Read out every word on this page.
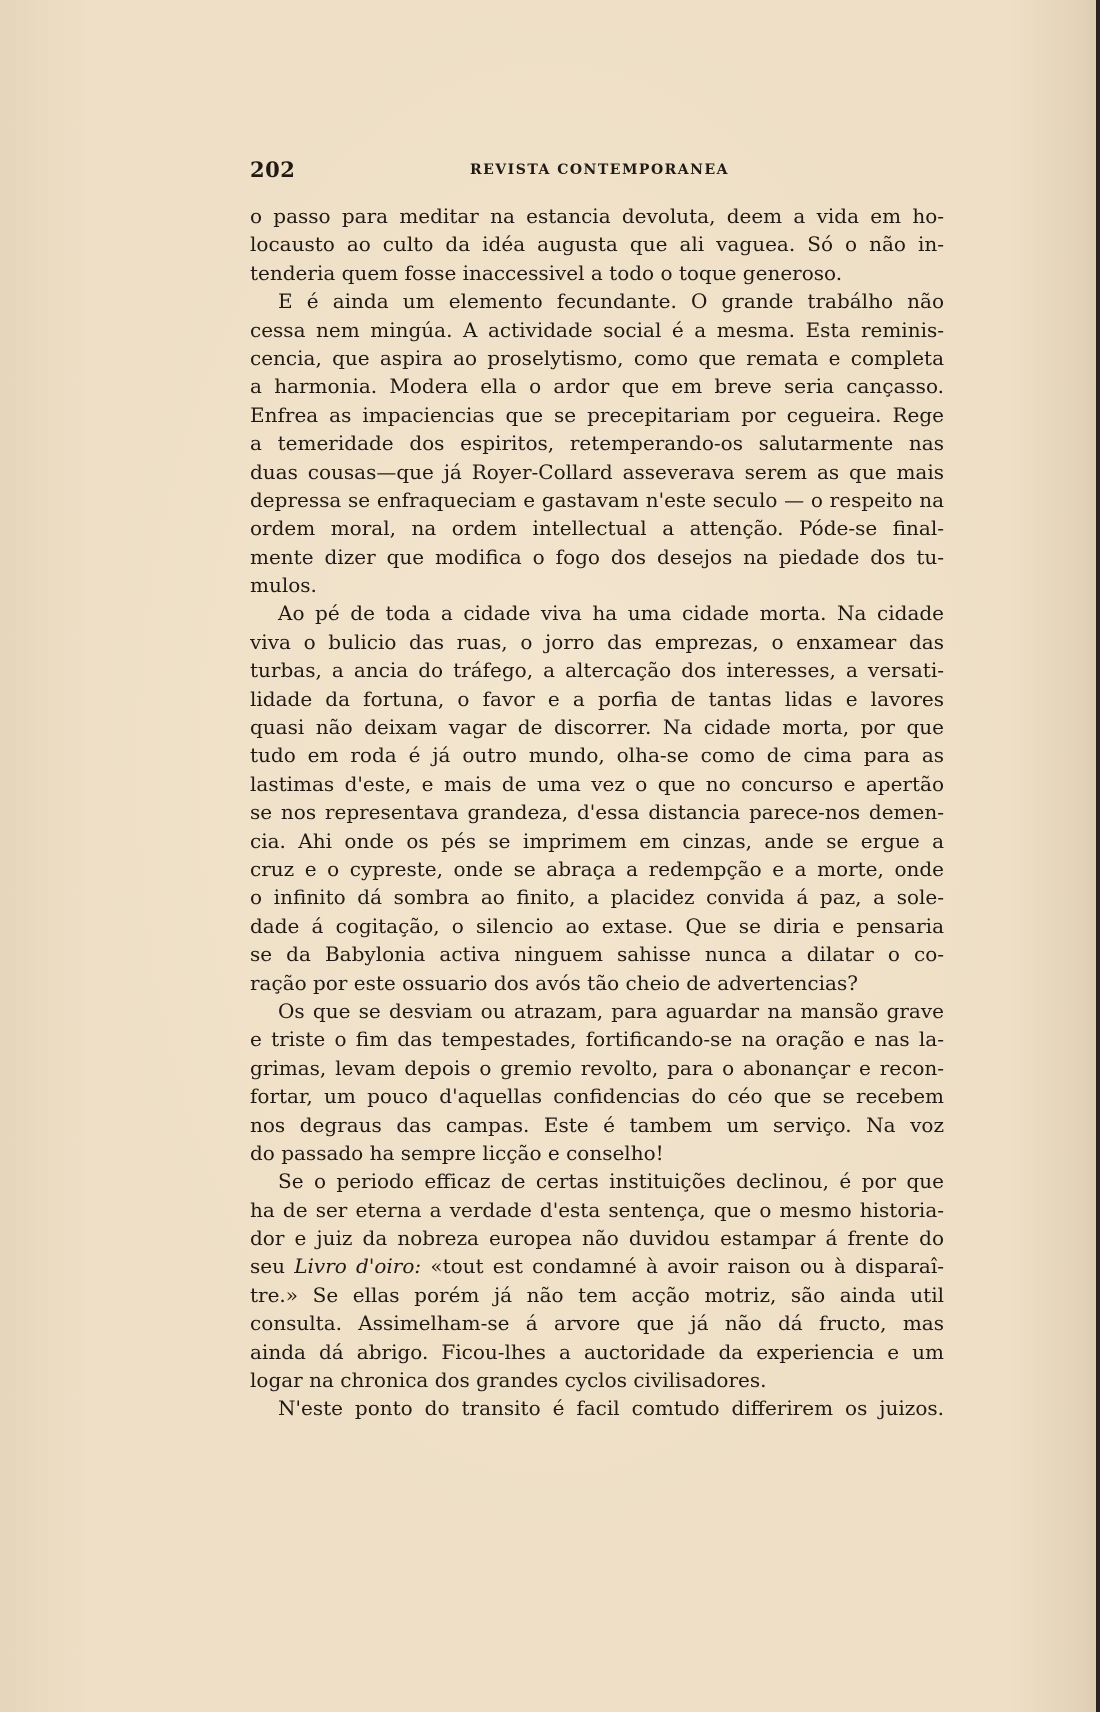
202	REVISTA CONTEMPORANEA
o passo para meditar na estancia devoluta, deem a vida em ho-
locausto ao culto da idéa augusta que ali vaguea. Só o não in-
tenderia quem fosse inaccessivel a todo o toque generoso.
E é ainda um elemento fecundante. O grande trabálho não
cessa nem mingúa. A actividade social é a mesma. Esta reminis-
cencia, que aspira ao proselytismo, como que remata e completa
a harmonia. Modera ella o ardor que em breve seria cançasso.
Enfrea as impaciencias que se precepitariam por cegueira. Rege
a temeridade dos espiritos, retemperando-os salutarmente nas
duas cousas—que já Royer-Collard asseverava serem as que mais
depressa se enfraqueciam e gastavam n'este seculo — o respeito na
ordem moral, na ordem intellectual a attenção. Póde-se final-
mente dizer que modifica o fogo dos desejos na piedade dos tu-
mulos.
Ao pé de toda a cidade viva ha uma cidade morta. Na cidade
viva o bulicio das ruas, o jorro das emprezas, o enxamear das
turbas, a ancia do tráfego, a altercação dos interesses, a versati-
lidade da fortuna, o favor e a porfia de tantas lidas e lavores
quasi não deixam vagar de discorrer. Na cidade morta, por que
tudo em roda é já outro mundo, olha-se como de cima para as
lastimas d'este, e mais de uma vez o que no concurso e apertão
se nos representava grandeza, d'essa distancia parece-nos demen-
cia. Ahi onde os pés se imprimem em cinzas, ande se ergue a
cruz e o cypreste, onde se abraça a redempção e a morte, onde
o infinito dá sombra ao finito, a placidez convida á paz, a sole-
dade á cogitação, o silencio ao extase. Que se diria e pensaria
se da Babylonia activa ninguem sahisse nunca a dilatar o co-
ração por este ossuario dos avós tão cheio de advertencias?
Os que se desviam ou atrazam, para aguardar na mansão grave
e triste o fim das tempestades, fortificando-se na oração e nas la-
grimas, levam depois o gremio revolto, para o abonançar e recon-
fortar, um pouco d'aquellas confidencias do céo que se recebem
nos degraus das campas. Este é tambem um serviço. Na voz
do passado ha sempre licção e conselho!
Se o periodo efficaz de certas instituições declinou, é por que
ha de ser eterna a verdade d'esta sentença, que o mesmo historia-
dor e juiz da nobreza europea não duvidou estampar á frente do
seu Livro d'oiro: «tout est condamné à avoir raison ou à disparaî-
tre.» Se ellas porém já não tem acção motriz, são ainda util
consulta. Assimelham-se á arvore que já não dá fructo, mas
ainda dá abrigo. Ficou-lhes a auctoridade da experiencia e um
logar na chronica dos grandes cyclos civilisadores.
N'este ponto do transito é facil comtudo differirem os juizos.
